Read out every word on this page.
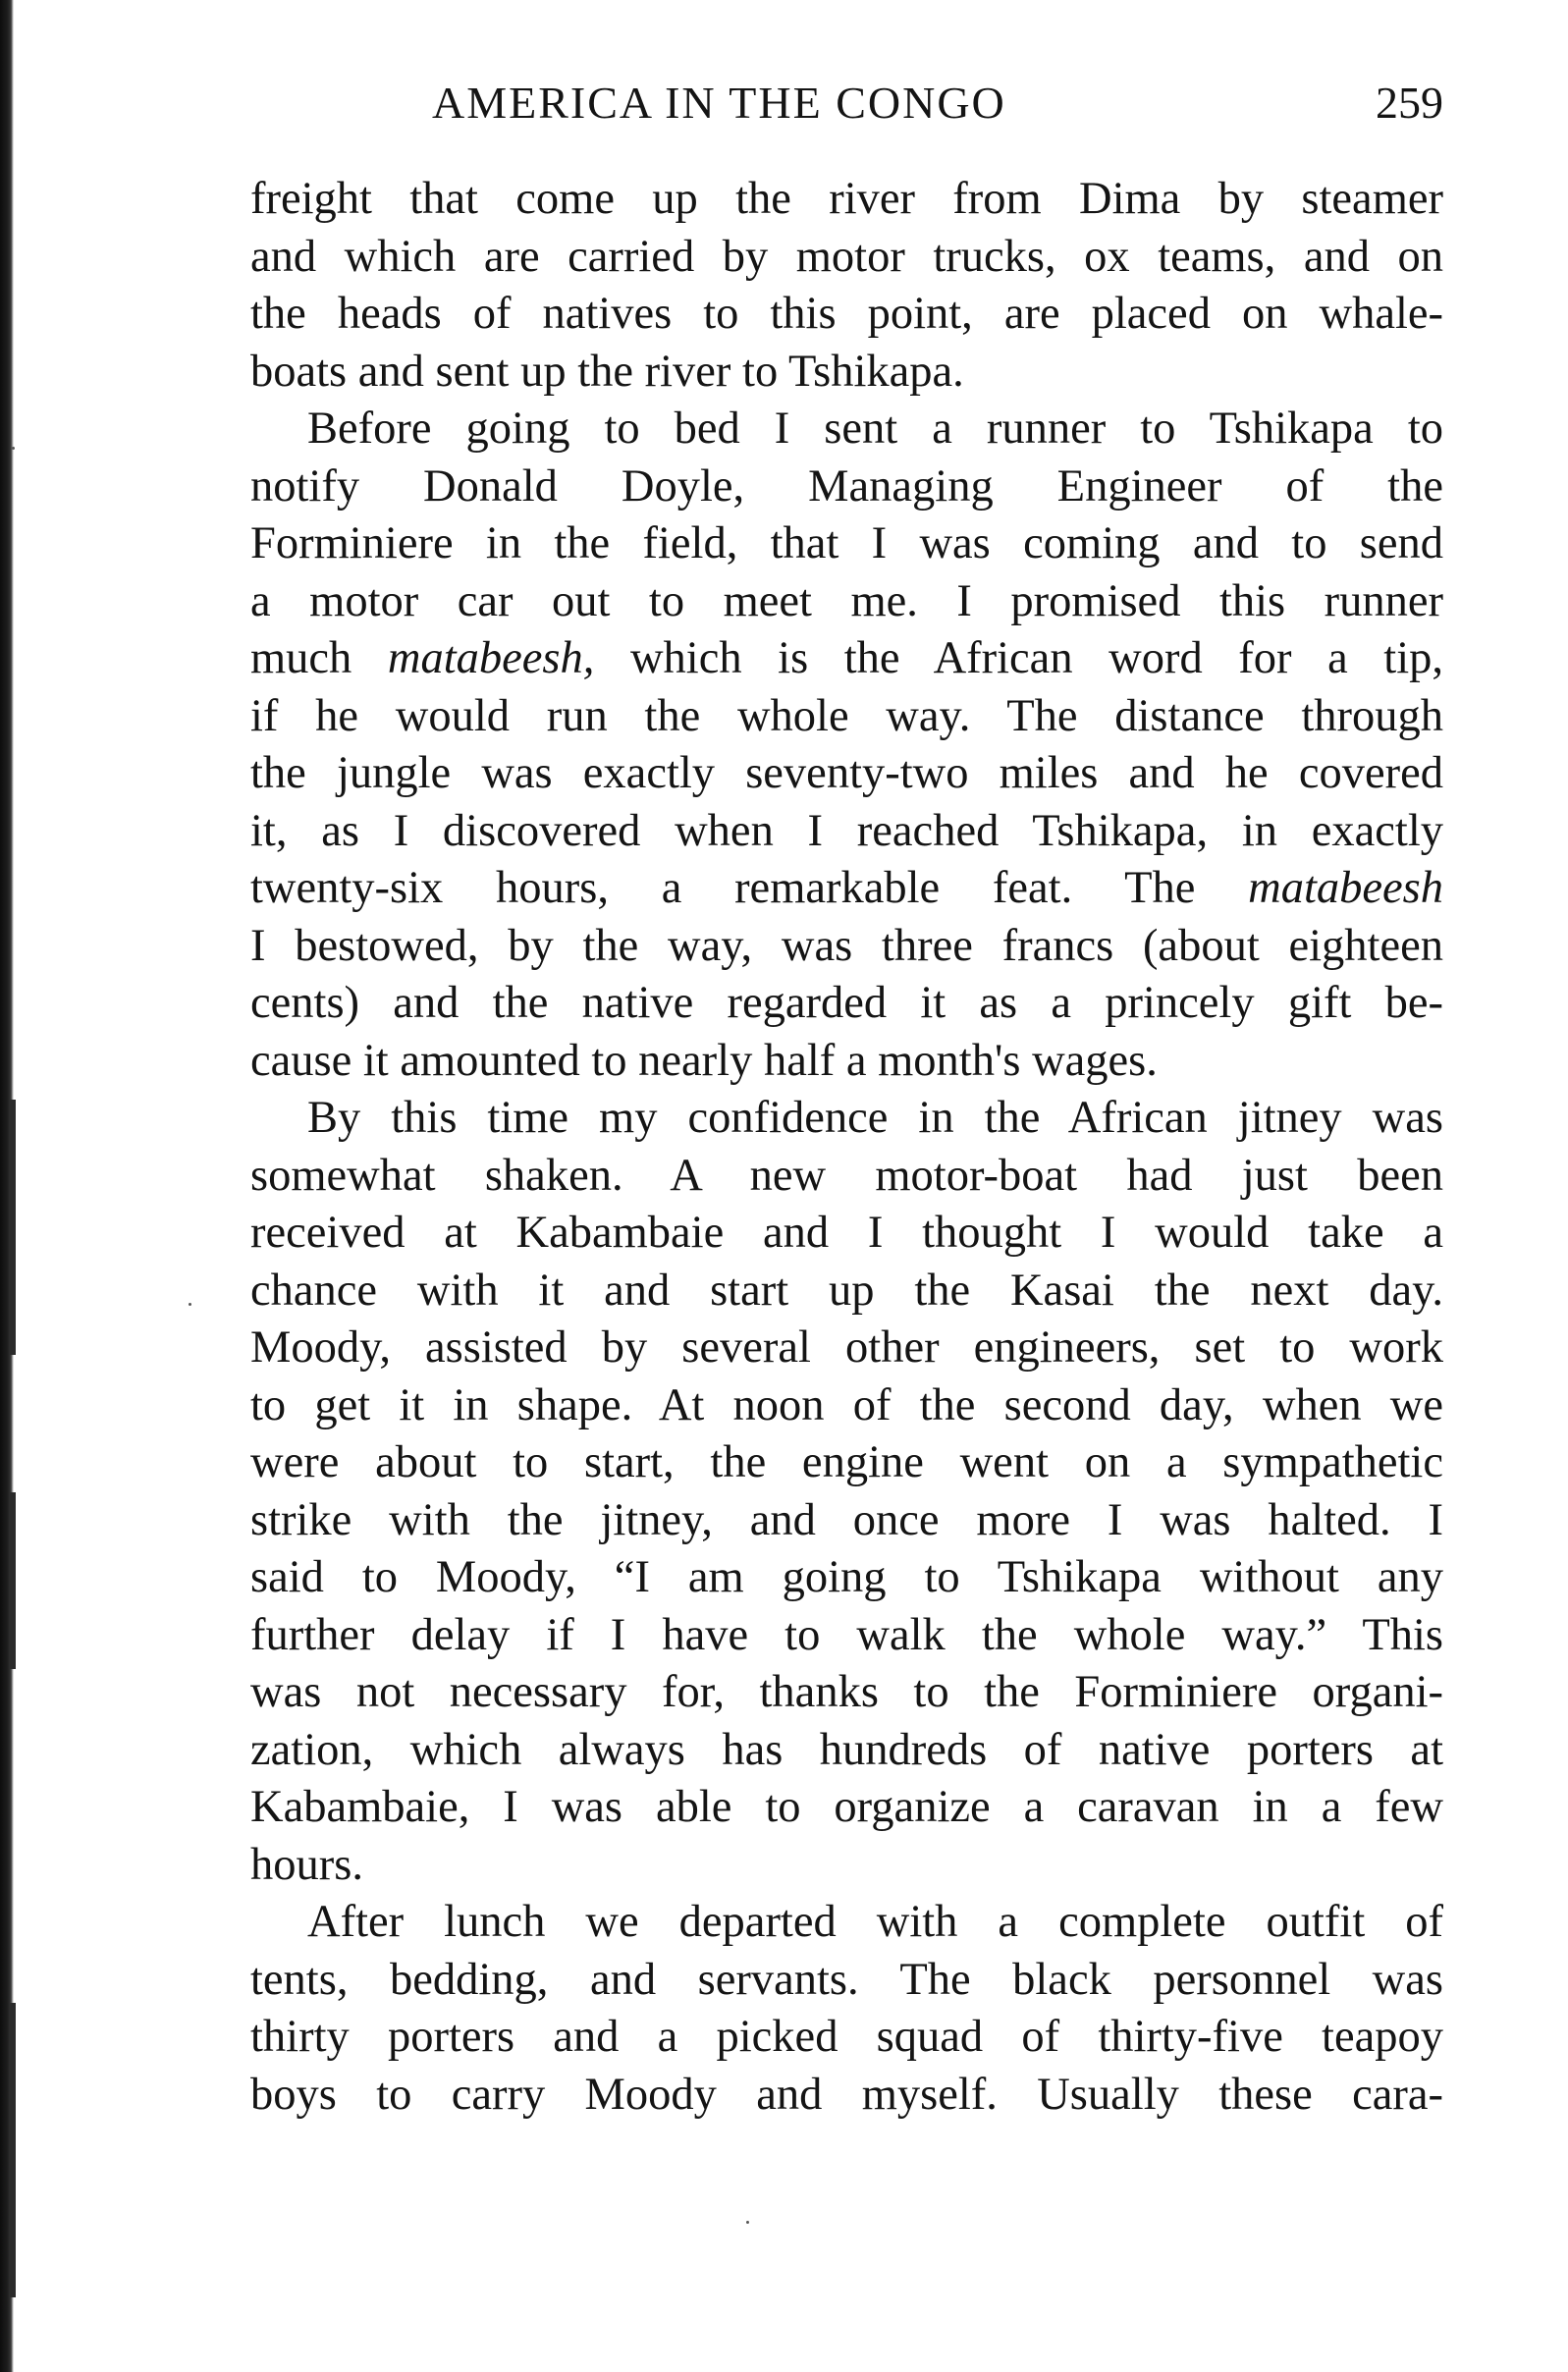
AMERICA IN THE CONGO	259
freight that come up the river from Dima by steamer
and which are carried by motor trucks, ox teams, and on
the heads of natives to this point, are placed on whale-
boats and sent up the river to Tshikapa.
Before going to bed I sent a runner to Tshikapa to
notify Donald Doyle, Managing Engineer of the
Forminiere in the field, that I was coming and to send
a motor car out to meet me. I promised this runner
much matabeesh, which is the African word for a tip,
if he would run the whole way. The distance through
the jungle was exactly seventy-two miles and he covered
it, as I discovered when I reached Tshikapa, in exactly
twenty-six hours, a remarkable feat. The matabeesh
I bestowed, by the way, was three francs (about eighteen
cents) and the native regarded it as a princely gift be-
cause it amounted to nearly half a month's wages.
By this time my confidence in the African jitney was
somewhat shaken. A new motor-boat had just been
received at Kabambaie and I thought I would take a
chance with it and start up the Kasai the next day.
Moody, assisted by several other engineers, set to work
to get it in shape. At noon of the second day, when we
were about to start, the engine went on a sympathetic
strike with the jitney, and once more I was halted. I
said to Moody, “I am going to Tshikapa without any
further delay if I have to walk the whole way.” This
was not necessary for, thanks to the Forminiere organi-
zation, which always has hundreds of native porters at
Kabambaie, I was able to organize a caravan in a few
hours.
After lunch we departed with a complete outfit of
tents, bedding, and servants. The black personnel was
thirty porters and a picked squad of thirty-five teapoy
boys to carry Moody and myself. Usually these cara-
